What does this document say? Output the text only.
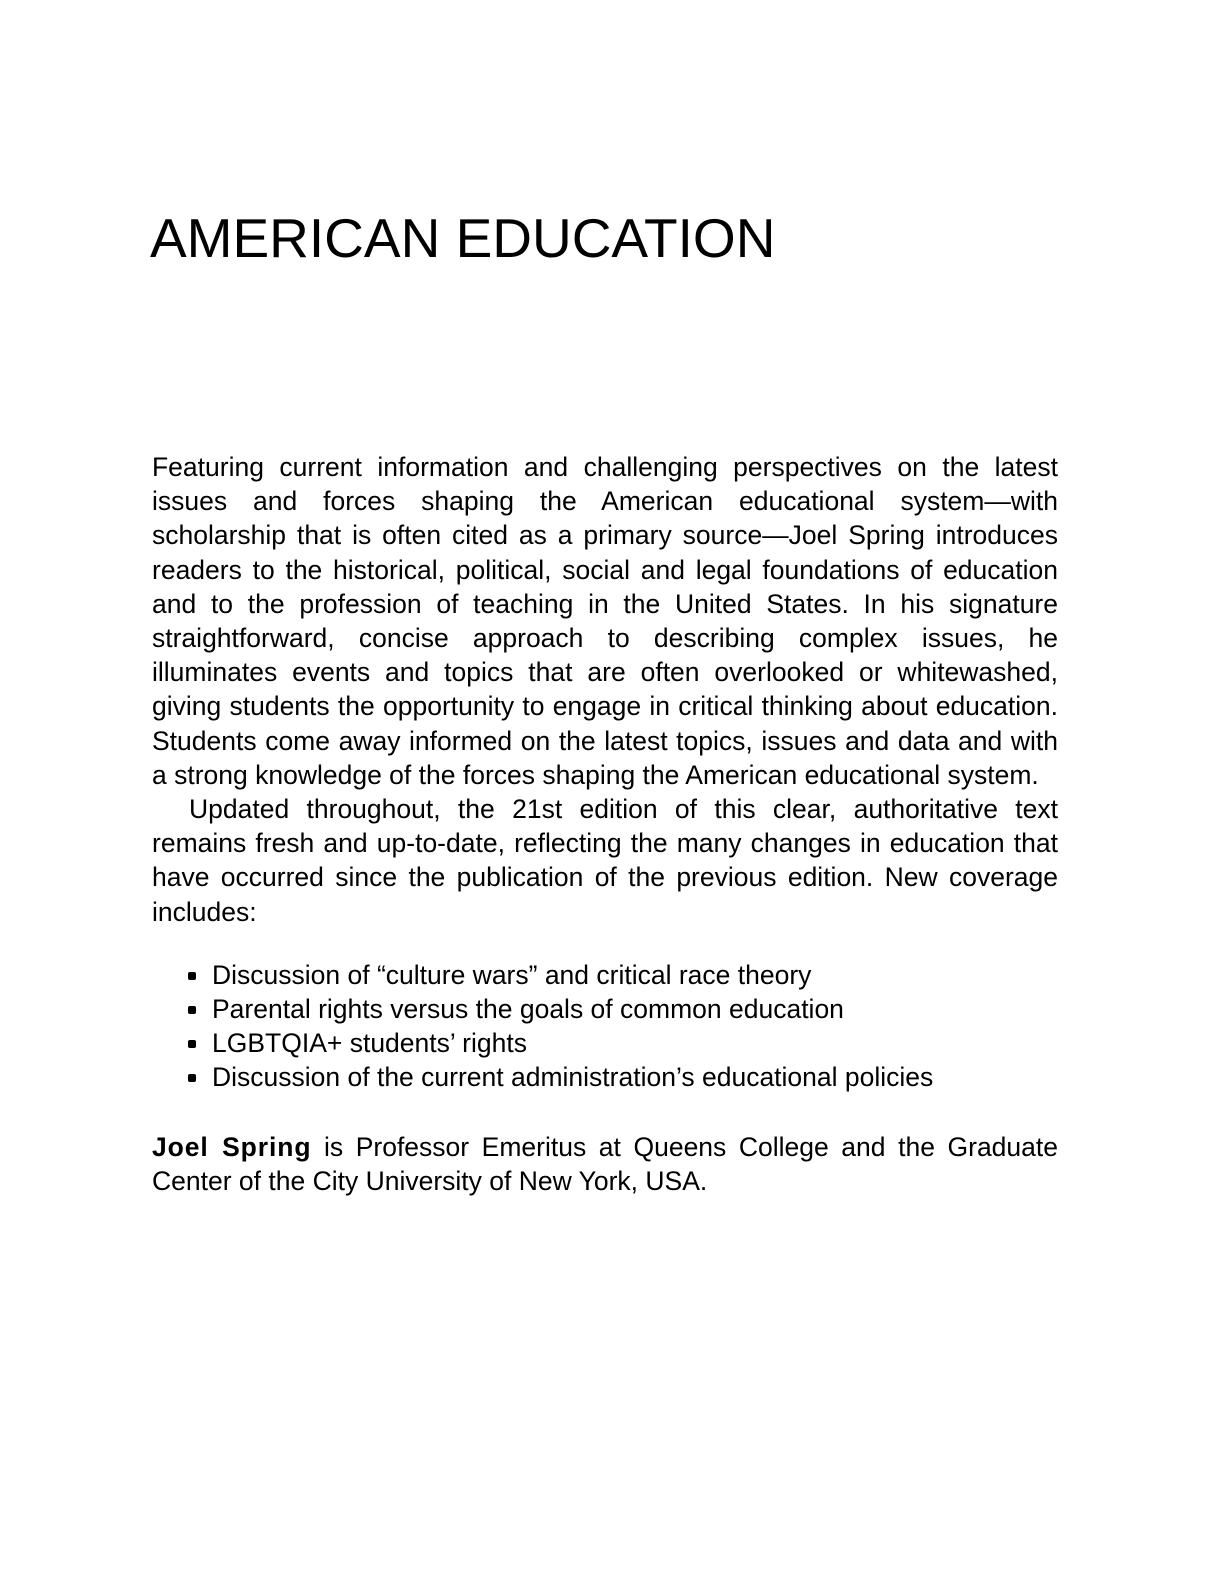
AMERICAN EDUCATION

Featuring current information and challenging perspectives on the latest issues and forces shaping the American educational system—with scholarship that is often cited as a primary source—Joel Spring introduces readers to the historical, political, social and legal foundations of education and to the profession of teaching in the United States. In his signature straightforward, concise approach to describing complex issues, he illuminates events and topics that are often overlooked or whitewashed, giving students the opportunity to engage in critical thinking about education. Students come away informed on the latest topics, issues and data and with a strong knowledge of the forces shaping the American educational system.

Updated throughout, the 21st edition of this clear, authoritative text remains fresh and up-to-date, reflecting the many changes in education that have occurred since the publication of the previous edition. New coverage includes:

Discussion of “culture wars” and critical race theory
Parental rights versus the goals of common education
LGBTQIA+ students’ rights
Discussion of the current administration’s educational policies

Joel Spring is Professor Emeritus at Queens College and the Graduate Center of the City University of New York, USA.
